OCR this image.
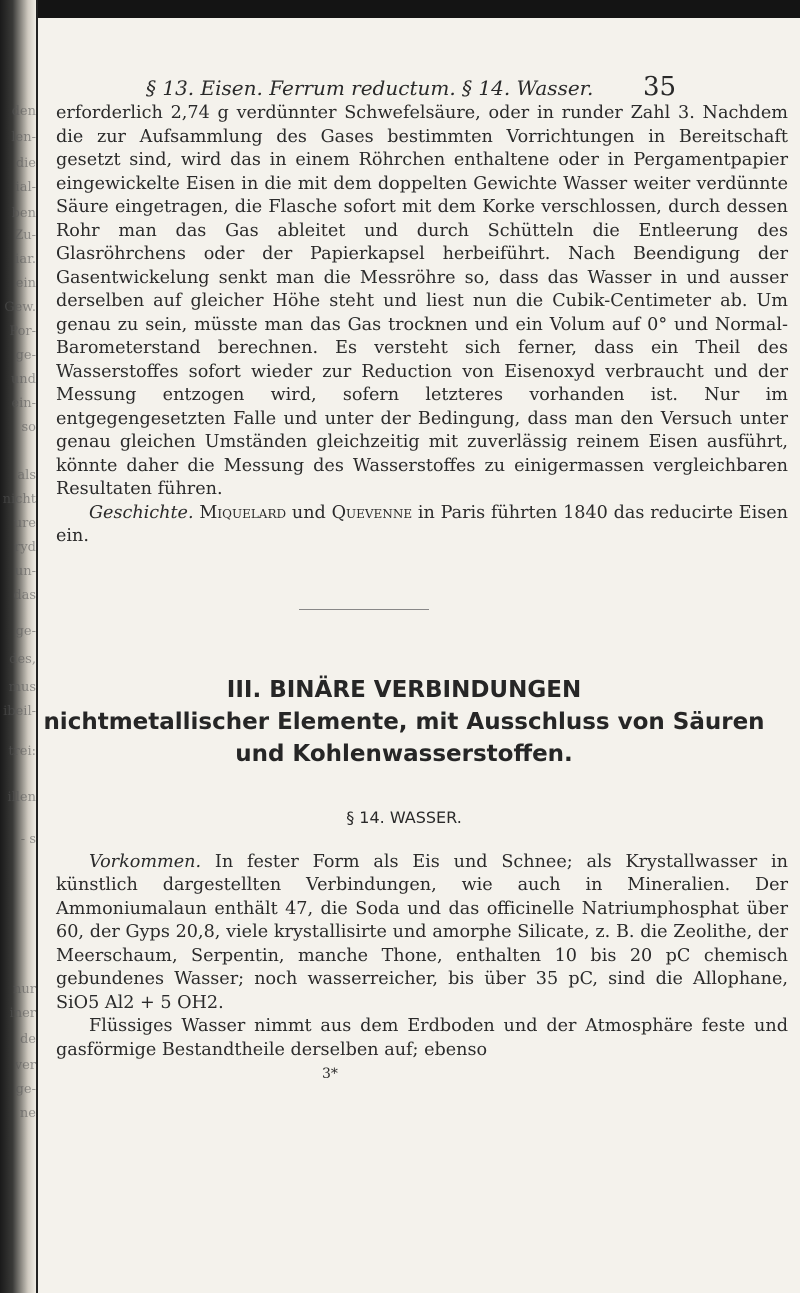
den
len-
die
ial-
ben
Zu-
iar.
ein
Gew.
Por-
ge-
und
ein-
so
als
nicht
ure
ryd
un-
das
ge-
des,
mus
ibeil-
trei:
illen
- s
nur
iner
de
ver
ge-
ne
§ 13. Eisen. Ferrum reductum. § 14. Wasser. 35

erforderlich 2,74 g verdünnter Schwefelsäure, oder in runder Zahl 3. Nachdem die zur Aufsammlung des Gases bestimmten Vorrichtungen in Bereitschaft gesetzt sind, wird das in einem Röhrchen enthaltene oder in Pergamentpapier eingewickelte Eisen in die mit dem doppelten Gewichte Wasser weiter verdünnte Säure eingetragen, die Flasche sofort mit dem Korke verschlossen, durch dessen Rohr man das Gas ableitet und durch Schütteln die Entleerung des Glasröhrchens oder der Papierkapsel herbeiführt. Nach Beendigung der Gasentwickelung senkt man die Messröhre so, dass das Wasser in und ausser derselben auf gleicher Höhe steht und liest nun die Cubik-Centimeter ab. Um genau zu sein, müsste man das Gas trocknen und ein Volum auf 0° und Normal-Barometerstand berechnen. Es versteht sich ferner, dass ein Theil des Wasserstoffes sofort wieder zur Reduction von Eisenoxyd verbraucht und der Messung entzogen wird, sofern letzteres vorhanden ist. Nur im entgegengesetzten Falle und unter der Bedingung, dass man den Versuch unter genau gleichen Umständen gleichzeitig mit zuverlässig reinem Eisen ausführt, könnte daher die Messung des Wasserstoffes zu einigermassen vergleichbaren Resultaten führen.

Geschichte. Miquelard und Quevenne in Paris führten 1840 das reducirte Eisen ein.

III. BINÄRE VERBINDUNGEN
nichtmetallischer Elemente, mit Ausschluss von Säuren
und Kohlenwasserstoffen.
§ 14. WASSER.

Vorkommen. In fester Form als Eis und Schnee; als Krystallwasser in künstlich dargestellten Verbindungen, wie auch in Mineralien. Der Ammoniumalaun enthält 47, die Soda und das officinelle Natriumphosphat über 60, der Gyps 20,8, viele krystallisirte und amorphe Silicate, z. B. die Zeolithe, der Meerschaum, Serpentin, manche Thone, enthalten 10 bis 20 pC chemisch gebundenes Wasser; noch wasserreicher, bis über 35 pC, sind die Allophane, SiO5 Al2 + 5 OH2.

Flüssiges Wasser nimmt aus dem Erdboden und der Atmosphäre feste und gasförmige Bestandtheile derselben auf; ebenso

3*
